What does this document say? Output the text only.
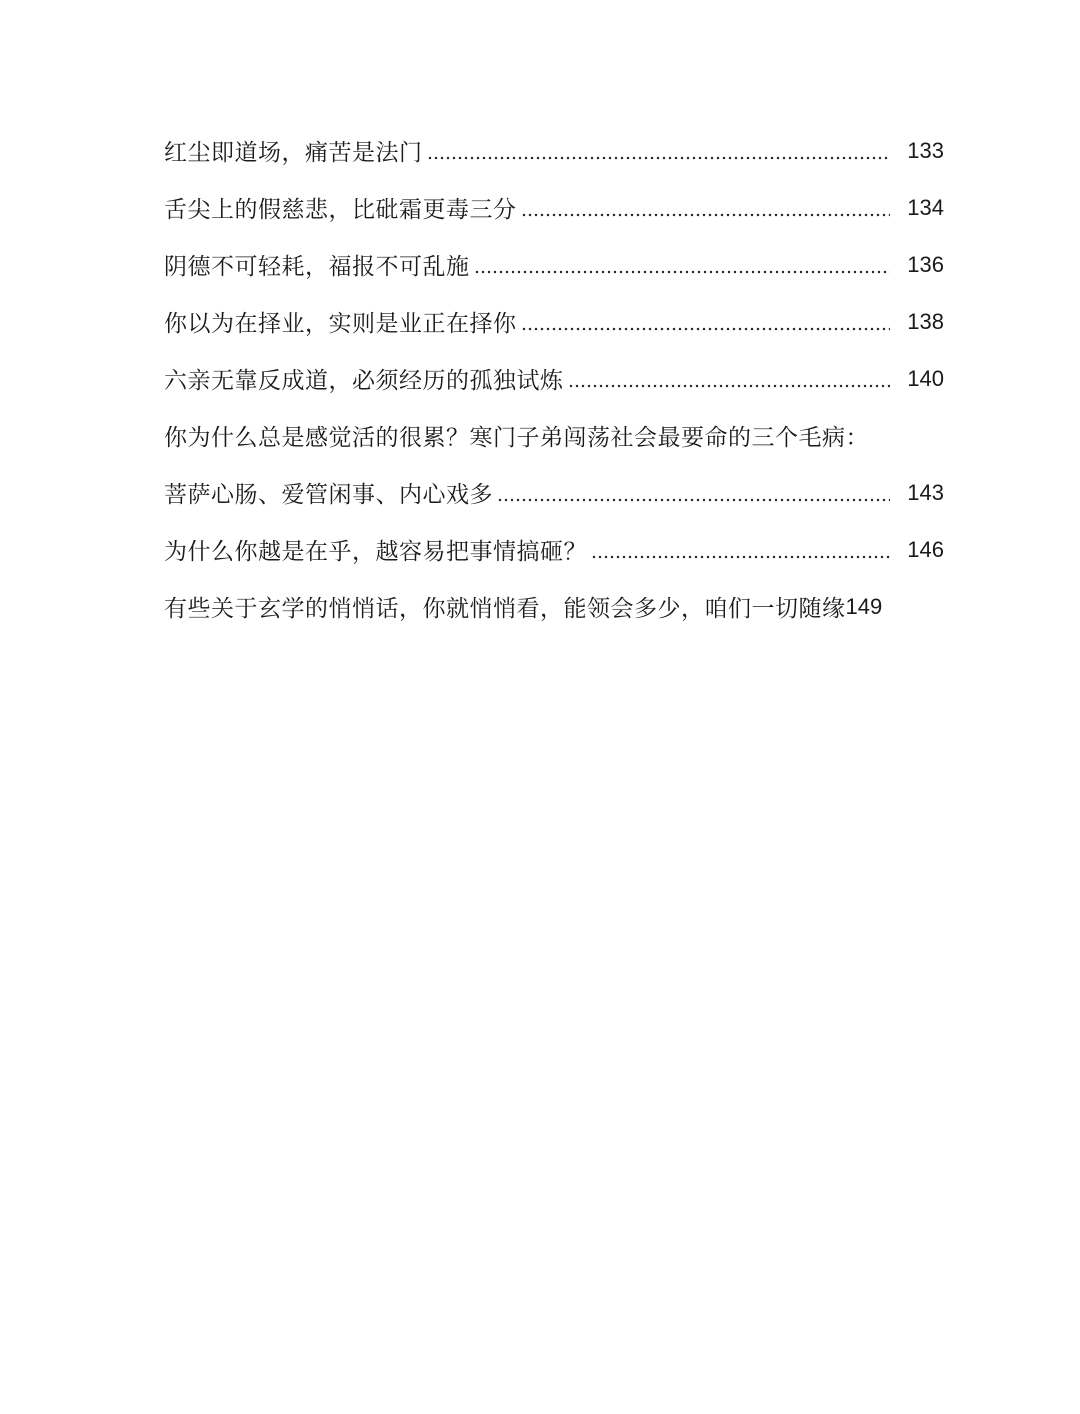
红尘即道场，痛苦是法门	133
舌尖上的假慈悲，比砒霜更毒三分	134
阴德不可轻耗，福报不可乱施	136
你以为在择业，实则是业正在择你	138
六亲无靠反成道，必须经历的孤独试炼	140
你为什么总是感觉活的很累？寒门子弟闯荡社会最要命的三个毛病：
菩萨心肠、爱管闲事、内心戏多	143
为什么你越是在乎，越容易把事情搞砸？	146
有些关于玄学的悄悄话，你就悄悄看，能领会多少，咱们一切随缘 149
